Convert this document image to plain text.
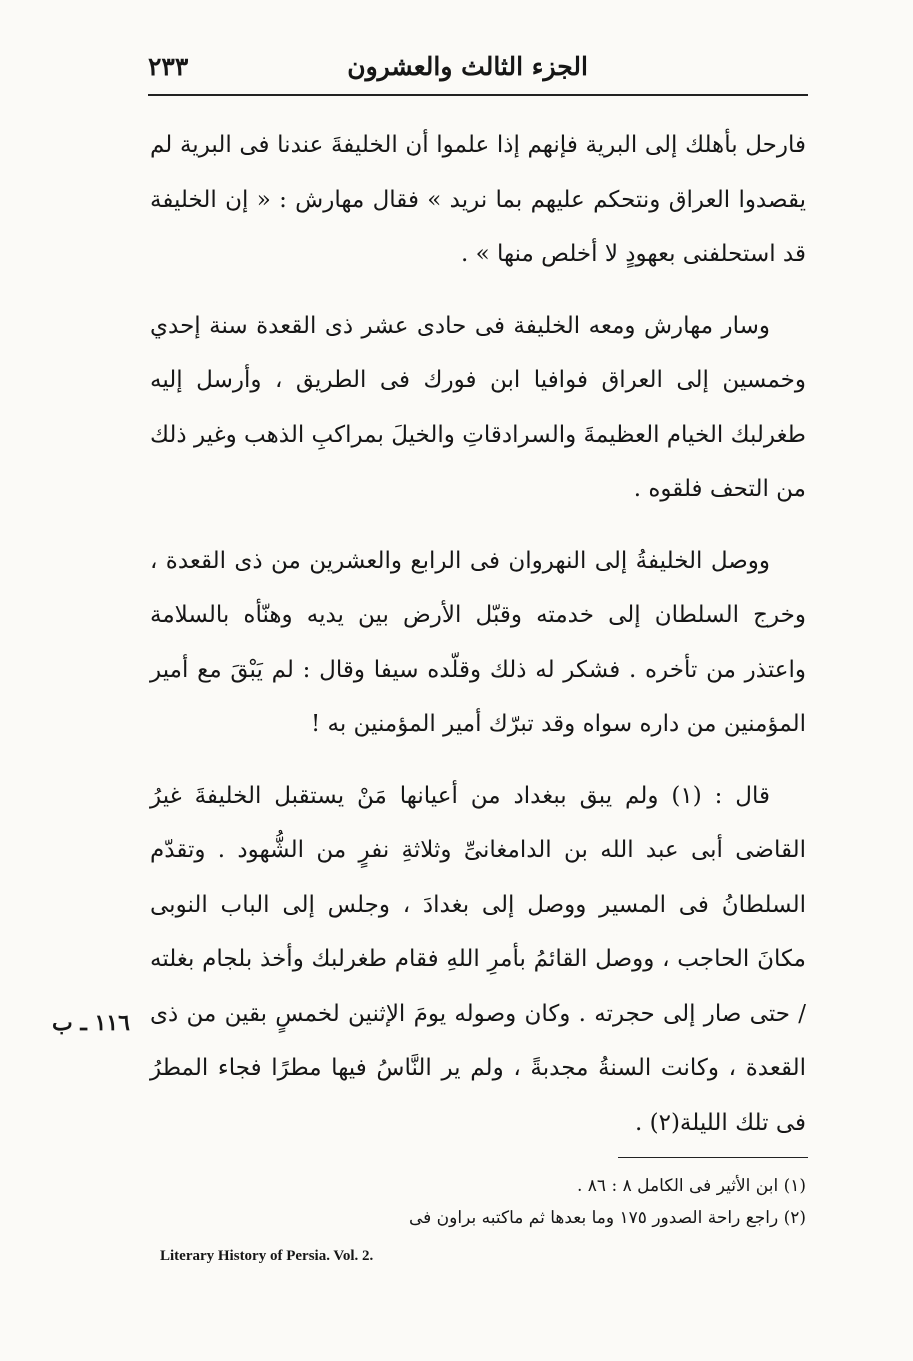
الجزء الثالث والعشرون
٢٣٣

فارحل بأهلك إلى البرية فإنهم إذا علموا أن الخليفةَ عندنا فى البرية لم يقصدوا العراق ونتحكم عليهم بما نريد » فقال مهارش : « إن الخليفة قد استحلفنى بعهودٍ لا أخلص منها » .

وسار مهارش ومعه الخليفة فى حادى عشر ذى القعدة سنة إحدي وخمسين إلى العراق فوافيا ابن فورك فى الطريق ، وأرسل إليه طغرلبك الخيام العظيمةَ والسرادقاتِ والخيلَ بمراكبِ الذهب وغير ذلك من التحف فلقوه .

ووصل الخليفةُ إلى النهروان فى الرابع والعشرين من ذى القعدة ، وخرج السلطان إلى خدمته وقبّل الأرض بين يديه وهنّأه بالسلامة واعتذر من تأخره . فشكر له ذلك وقلّده سيفا وقال : لم يَبْقَ مع أمير المؤمنين من داره سواه وقد تبرّك أمير المؤمنين به !

قال : (١) ولم يبق ببغداد من أعيانها مَنْ يستقبل الخليفةَ غيرُ القاضى أبى عبد الله بن الدامغانىِّ وثلاثةِ نفرٍ من الشُّهود . وتقدّم السلطانُ فى المسير ووصل إلى بغدادَ ، وجلس إلى الباب النوبى مكانَ الحاجب ، ووصل القائمُ بأمرِ اللهِ فقام طغرلبك وأخذ بلجام بغلته / حتى صار إلى حجرته . وكان وصوله يومَ الإثنين لخمسٍ بقين من ذى القعدة ، وكانت السنةُ مجدبةً ، ولم ير النَّاسُ فيها مطرًا فجاء المطرُ فى تلك الليلة(٢) .

١١٦ ـ ب
(١) ابن الأثير فى الكامل ٨ : ٨٦ .
(٢) راجع راحة الصدور ١٧٥ وما بعدها ثم ماكتبه براون فى
Literary History of Persia. Vol. 2.
